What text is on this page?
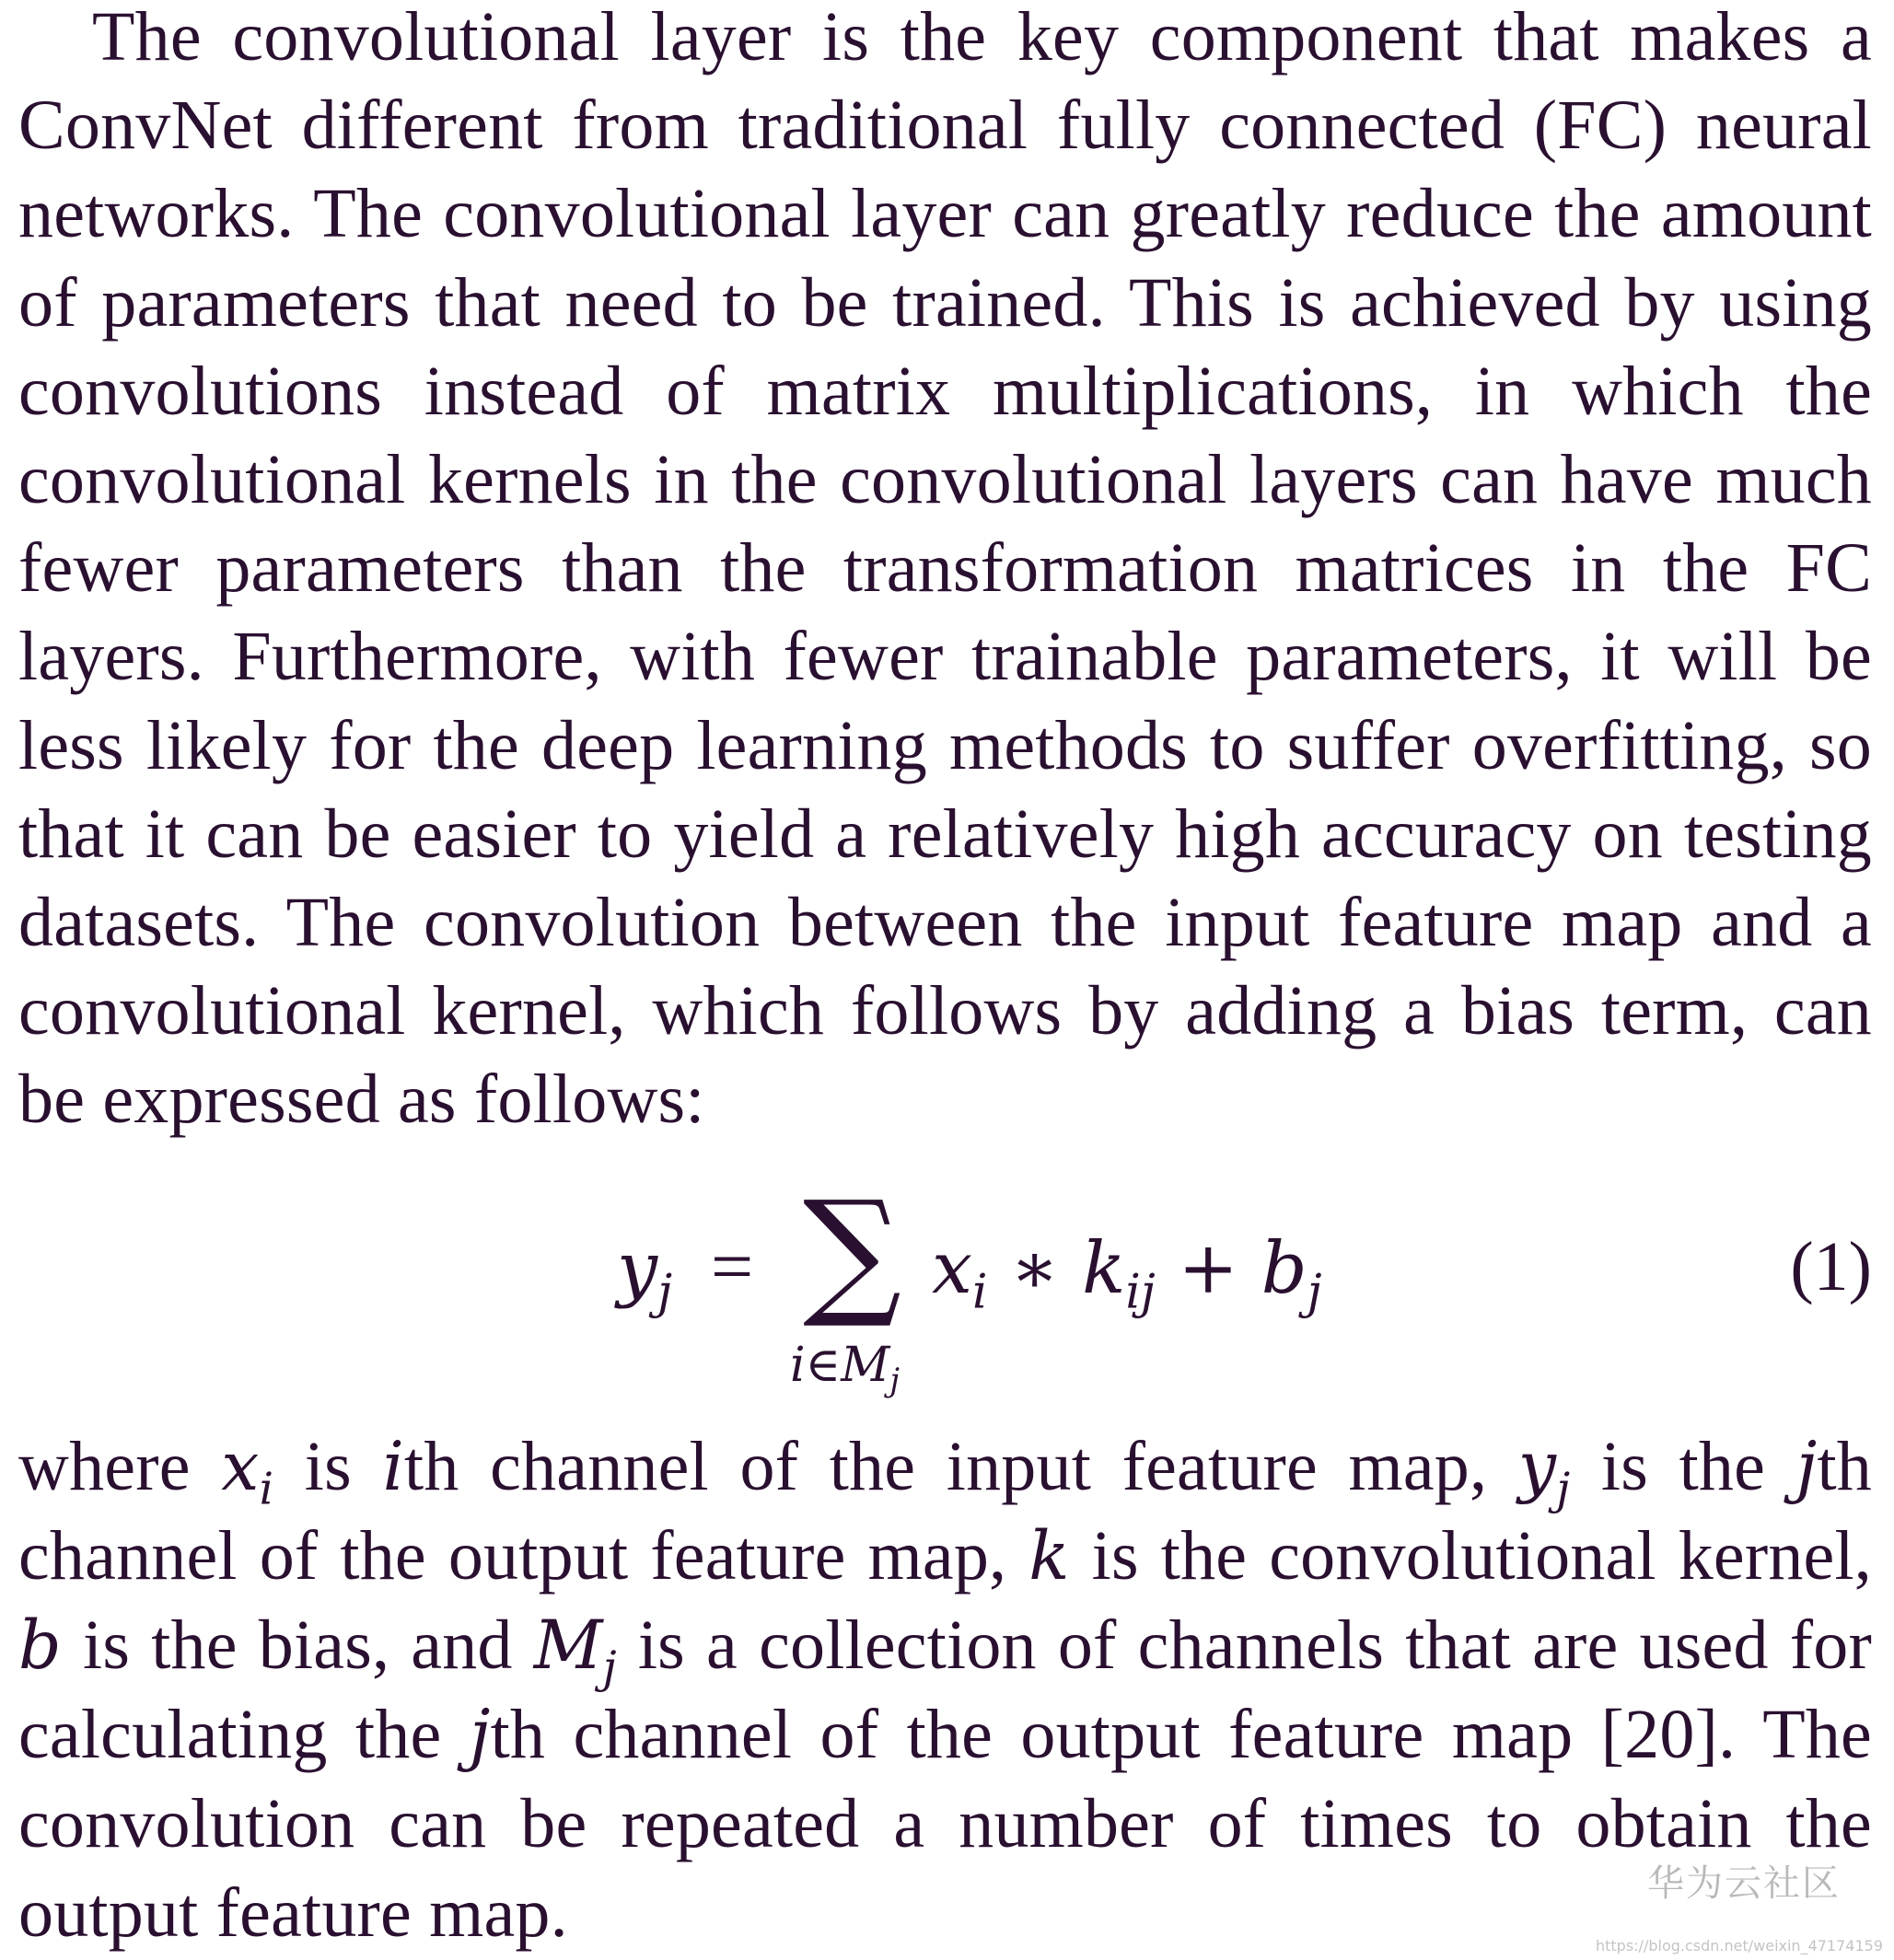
The convolutional layer is the key component that makes a ConvNet different from traditional fully connected (FC) neural networks. The convolutional layer can greatly reduce the amount of parameters that need to be trained. This is achieved by using convolutions instead of matrix multiplications, in which the convolutional kernels in the convolutional layers can have much fewer parameters than the transformation matrices in the FC layers. Furthermore, with fewer trainable parameters, it will be less likely for the deep learning methods to suffer overfitting, so that it can be easier to yield a relatively high accuracy on testing datasets. The convolution between the input feature map and a convolutional kernel, which follows by adding a bias term, can be expressed as follows:

$y_j$ = ∑
$i\in M_j$
$x_i$ ∗ $k_{ij} + b_j$	(1)

where $x_i$ is ith channel of the input feature map, $y_j$ is the jth channel of the output feature map, k is the convolutional kernel, b is the bias, and $M_j$ is a collection of channels that are used for calculating the jth channel of the output feature map [20]. The convolution can be repeated a number of times to obtain the output feature map.	华为云社区
https://blog.csdn.net/weixin_47174159
